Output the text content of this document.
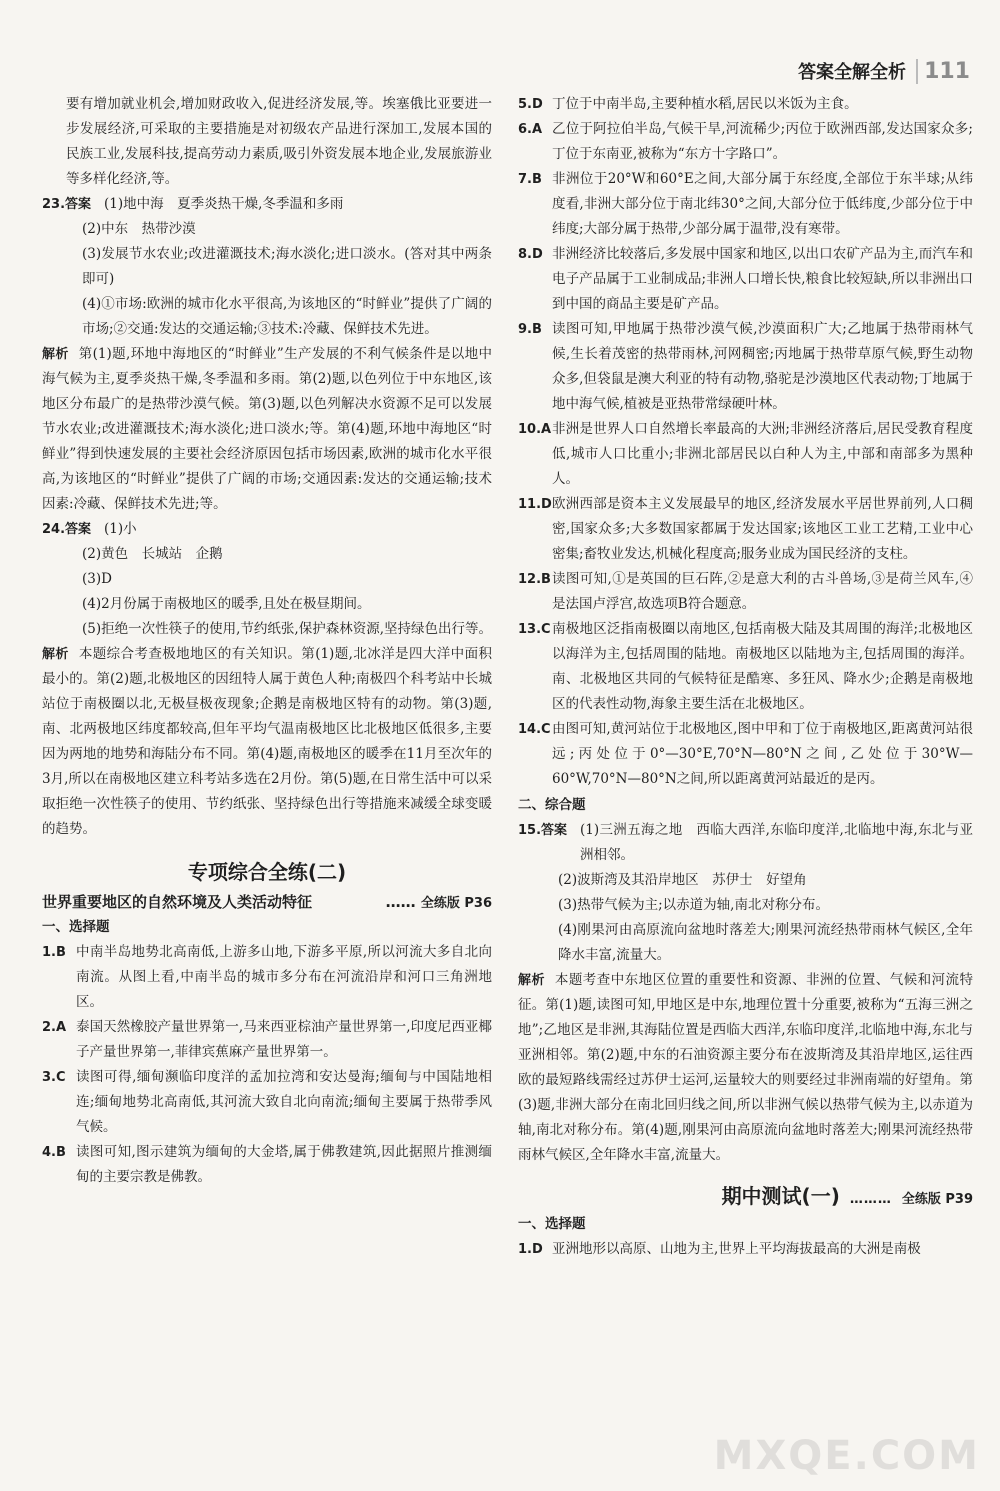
答案全解全析 111

要有增加就业机会,增加财政收入,促进经济发展,等。埃塞俄比亚要进一步发展经济,可采取的主要措施是对初级农产品进行深加工,发展本国的民族工业,发展科技,提高劳动力素质,吸引外资发展本地企业,发展旅游业等多样化经济,等。

23.答案 (1)地中海　夏季炎热干燥,冬季温和多雨

(2)中东　热带沙漠

(3)发展节水农业;改进灌溉技术;海水淡化;进口淡水。(答对其中两条即可)

(4)①市场:欧洲的城市化水平很高,为该地区的“时鲜业”提供了广阔的市场;②交通:发达的交通运输;③技术:冷藏、保鲜技术先进。

解析 第(1)题,环地中海地区的“时鲜业”生产发展的不利气候条件是以地中海气候为主,夏季炎热干燥,冬季温和多雨。第(2)题,以色列位于中东地区,该地区分布最广的是热带沙漠气候。第(3)题,以色列解决水资源不足可以发展节水农业;改进灌溉技术;海水淡化;进口淡水;等。第(4)题,环地中海地区“时鲜业”得到快速发展的主要社会经济原因包括市场因素,欧洲的城市化水平很高,为该地区的“时鲜业”提供了广阔的市场;交通因素:发达的交通运输;技术因素:冷藏、保鲜技术先进;等。

24.答案 (1)小

(2)黄色　长城站　企鹅

(3)D

(4)2月份属于南极地区的暖季,且处在极昼期间。

(5)拒绝一次性筷子的使用,节约纸张,保护森林资源,坚持绿色出行等。

解析 本题综合考查极地地区的有关知识。第(1)题,北冰洋是四大洋中面积最小的。第(2)题,北极地区的因纽特人属于黄色人种;南极四个科考站中长城站位于南极圈以北,无极昼极夜现象;企鹅是南极地区特有的动物。第(3)题,南、北两极地区纬度都较高,但年平均气温南极地区比北极地区低很多,主要因为两地的地势和海陆分布不同。第(4)题,南极地区的暖季在11月至次年的3月,所以在南极地区建立科考站多选在2月份。第(5)题,在日常生活中可以采取拒绝一次性筷子的使用、节约纸张、坚持绿色出行等措施来减缓全球变暖的趋势。

专项综合全练(二)
世界重要地区的自然环境及人类活动特征	…… 全练版 P36
一、选择题
1.B 中南半岛地势北高南低,上游多山地,下游多平原,所以河流大多自北向南流。从图上看,中南半岛的城市多分布在河流沿岸和河口三角洲地区。
2.A 泰国天然橡胶产量世界第一,马来西亚棕油产量世界第一,印度尼西亚椰子产量世界第一,菲律宾蕉麻产量世界第一。
3.C 读图可得,缅甸濒临印度洋的孟加拉湾和安达曼海;缅甸与中国陆地相连;缅甸地势北高南低,其河流大致自北向南流;缅甸主要属于热带季风气候。
4.B 读图可知,图示建筑为缅甸的大金塔,属于佛教建筑,因此据照片推测缅甸的主要宗教是佛教。
5.D 丁位于中南半岛,主要种植水稻,居民以米饭为主食。
6.A 乙位于阿拉伯半岛,气候干旱,河流稀少;丙位于欧洲西部,发达国家众多;丁位于东南亚,被称为“东方十字路口”。
7.B 非洲位于20°W和60°E之间,大部分属于东经度,全部位于东半球;从纬度看,非洲大部分位于南北纬30°之间,大部分位于低纬度,少部分位于中纬度;大部分属于热带,少部分属于温带,没有寒带。
8.D 非洲经济比较落后,多发展中国家和地区,以出口农矿产品为主,而汽车和电子产品属于工业制成品;非洲人口增长快,粮食比较短缺,所以非洲出口到中国的商品主要是矿产品。
9.B 读图可知,甲地属于热带沙漠气候,沙漠面积广大;乙地属于热带雨林气候,生长着茂密的热带雨林,河网稠密;丙地属于热带草原气候,野生动物众多,但袋鼠是澳大利亚的特有动物,骆驼是沙漠地区代表动物;丁地属于地中海气候,植被是亚热带常绿硬叶林。
10.A 非洲是世界人口自然增长率最高的大洲;非洲经济落后,居民受教育程度低,城市人口比重小;非洲北部居民以白种人为主,中部和南部多为黑种人。
11.D 欧洲西部是资本主义发展最早的地区,经济发展水平居世界前列,人口稠密,国家众多;大多数国家都属于发达国家;该地区工业工艺精,工业中心密集;畜牧业发达,机械化程度高;服务业成为国民经济的支柱。
12.B 读图可知,①是英国的巨石阵,②是意大利的古斗兽场,③是荷兰风车,④是法国卢浮宫,故选项B符合题意。
13.C 南极地区泛指南极圈以南地区,包括南极大陆及其周围的海洋;北极地区以海洋为主,包括周围的陆地。南极地区以陆地为主,包括周围的海洋。南、北极地区共同的气候特征是酷寒、多狂风、降水少;企鹅是南极地区的代表性动物,海象主要生活在北极地区。
14.C 由图可知,黄河站位于北极地区,图中甲和丁位于南极地区,距离黄河站很远;丙处位于0°—30°E,70°N—80°N之间,乙处位于30°W—60°W,70°N—80°N之间,所以距离黄河站最近的是丙。
二、综合题
15.答案 (1)三洲五海之地　西临大西洋,东临印度洋,北临地中海,东北与亚洲相邻。

(2)波斯湾及其沿岸地区　苏伊士　好望角

(3)热带气候为主;以赤道为轴,南北对称分布。

(4)刚果河由高原流向盆地时落差大;刚果河流经热带雨林气候区,全年降水丰富,流量大。

解析 本题考查中东地区位置的重要性和资源、非洲的位置、气候和河流特征。第(1)题,读图可知,甲地区是中东,地理位置十分重要,被称为“五海三洲之地”;乙地区是非洲,其海陆位置是西临大西洋,东临印度洋,北临地中海,东北与亚洲相邻。第(2)题,中东的石油资源主要分布在波斯湾及其沿岸地区,运往西欧的最短路线需经过苏伊士运河,运量较大的则要经过非洲南端的好望角。第(3)题,非洲大部分在南北回归线之间,所以非洲气候以热带气候为主,以赤道为轴,南北对称分布。第(4)题,刚果河由高原流向盆地时落差大;刚果河流经热带雨林气候区,全年降水丰富,流量大。

期中测试(一) ……… 全练版 P39
一、选择题
1.D 亚洲地形以高原、山地为主,世界上平均海拔最高的大洲是南极
MXQE.COM
